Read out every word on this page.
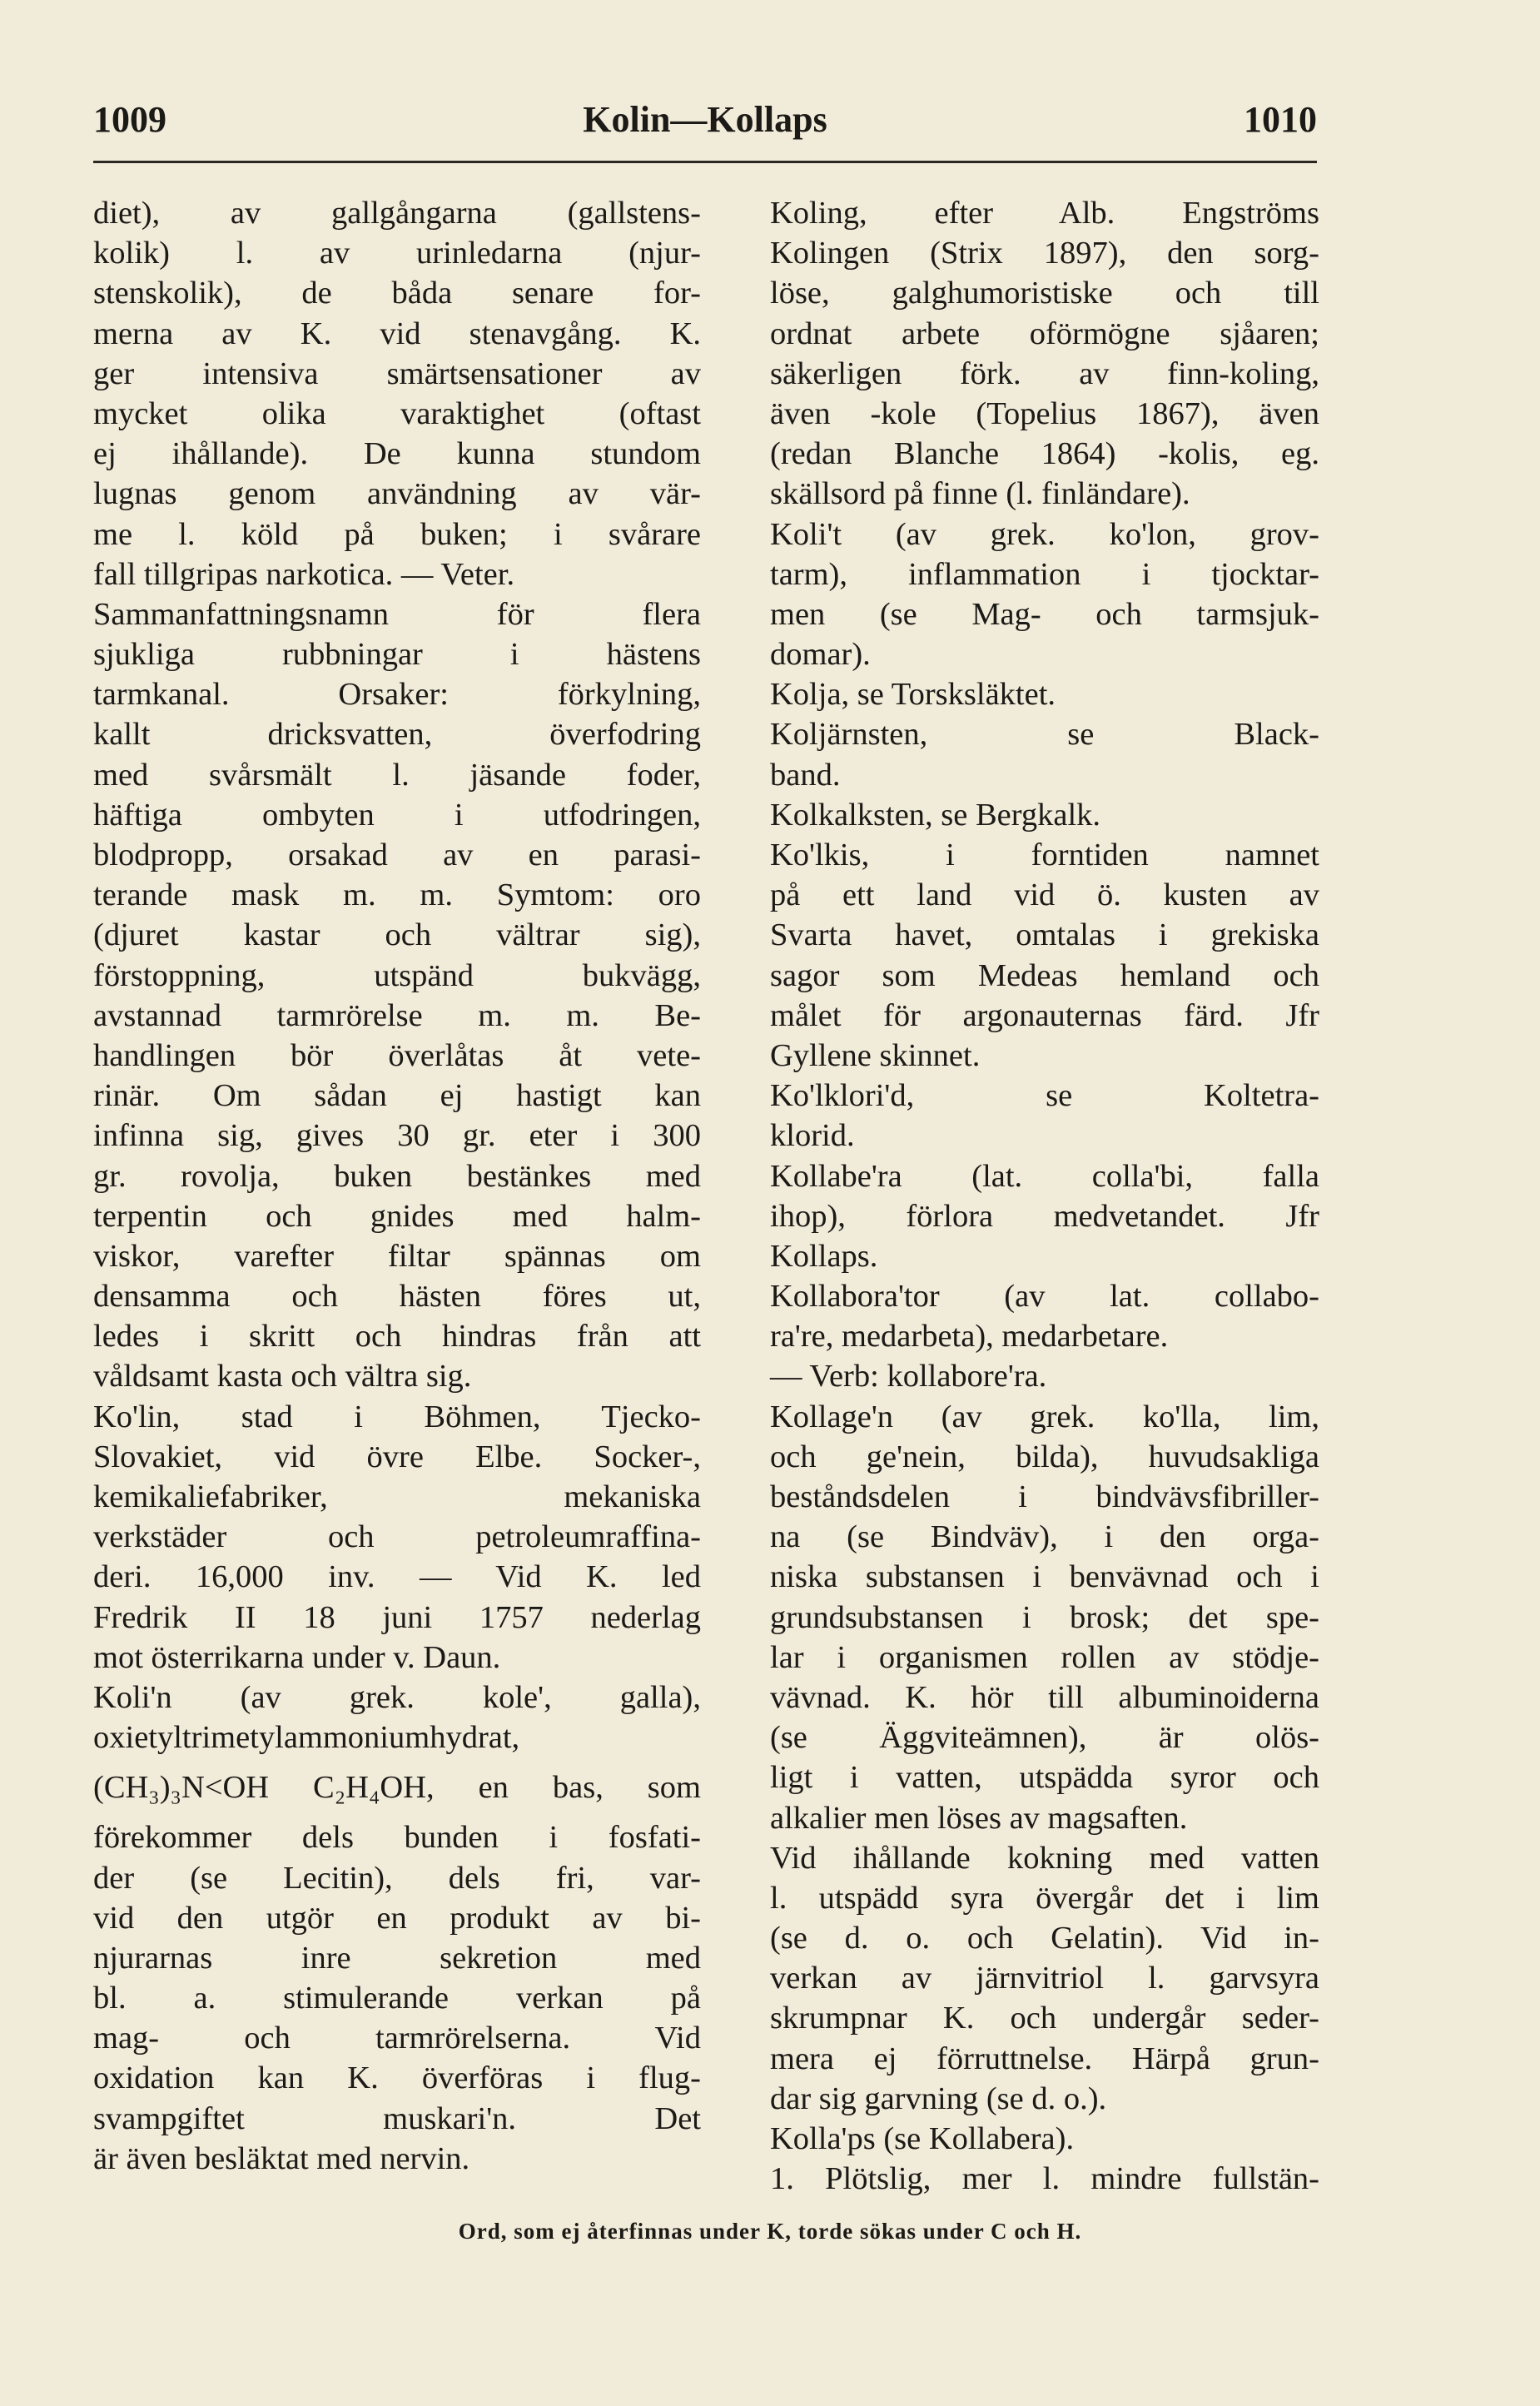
Kolin—Kollaps
1009	1010
diet), av gallgångarna (gallstens-
kolik) l. av urinledarna (njur-
stenskolik), de båda senare for-
merna av K. vid stenavgång. K.
ger intensiva smärtsensationer av
mycket olika varaktighet (oftast
ej ihållande). De kunna stundom
lugnas genom användning av vär-
me l. köld på buken; i svårare
fall tillgripas narkotica. — Veter.
Sammanfattningsnamn för flera
sjukliga rubbningar i hästens
tarmkanal. Orsaker: förkylning,
kallt dricksvatten, överfodring
med svårsmält l. jäsande foder,
häftiga ombyten i utfodringen,
blodpropp, orsakad av en parasi-
terande mask m. m. Symtom: oro
(djuret kastar och vältrar sig),
förstoppning, utspänd bukvägg,
avstannad tarmrörelse m. m. Be-
handlingen bör överlåtas åt vete-
rinär. Om sådan ej hastigt kan
infinna sig, gives 30 gr. eter i 300
gr. rovolja, buken bestänkes med
terpentin och gnides med halm-
viskor, varefter filtar spännas om
densamma och hästen föres ut,
ledes i skritt och hindras från att
våldsamt kasta och vältra sig.
Ko'lin, stad i Böhmen, Tjecko-
Slovakiet, vid övre Elbe. Socker-,
kemikaliefabriker, mekaniska
verkstäder och petroleumraffina-
deri. 16,000 inv. — Vid K. led
Fredrik II 18 juni 1757 nederlag
mot österrikarna under v. Daun.
Koli'n (av grek. kole', galla),
oxietyltrimetylammoniumhydrat,
(CH₃)₃N<OH C₂H₄OH, en bas, som
förekommer dels bunden i fosfati-
der (se Lecitin), dels fri, var-
vid den utgör en produkt av bi-
njurarnas inre sekretion med
bl. a. stimulerande verkan på
mag- och tarmrörelserna. Vid
oxidation kan K. överföras i flug-
svampgiftet muskari'n. Det
är även besläktat med nervin.
Koling, efter Alb. Engströms
Kolingen (Strix 1897), den sorg-
löse, galghumoristiske och till
ordnat arbete oförmögne sjåaren;
säkerligen förk. av finn-koling,
även -kole (Topelius 1867), även
(redan Blanche 1864) -kolis, eg.
skällsord på finne (l. finländare).
Koli't (av grek. ko'lon, grov-
tarm), inflammation i tjocktar-
men (se Mag- och tarmsjuk-
domar).
Kolja, se Torsksläktet.
Koljärnsten, se Black-
band.
Kolkalksten, se Bergkalk.
Ko'lkis, i forntiden namnet
på ett land vid ö. kusten av
Svarta havet, omtalas i grekiska
sagor som Medeas hemland och
målet för argonauternas färd. Jfr
Gyllene skinnet.
Ko'lklori'd, se Koltetra-
klorid.
Kollabe'ra (lat. colla'bi, falla
ihop), förlora medvetandet. Jfr
Kollaps.
Kollabora'tor (av lat. collabo-
ra're, medarbeta), medarbetare.
— Verb: kollabore'ra.
Kollage'n (av grek. ko'lla, lim,
och ge'nein, bilda), huvudsakliga
beståndsdelen i bindvävsfibriller-
na (se Bindväv), i den orga-
niska substansen i benvävnad och i
grundsubstansen i brosk; det spe-
lar i organismen rollen av stödje-
vävnad. K. hör till albuminoiderna
(se Äggviteämnen), är olös-
ligt i vatten, utspädda syror och
alkalier men löses av magsaften.
Vid ihållande kokning med vatten
l. utspädd syra övergår det i lim
(se d. o. och Gelatin). Vid in-
verkan av järnvitriol l. garvsyra
skrumpnar K. och undergår seder-
mera ej förruttnelse. Härpå grun-
dar sig garvning (se d. o.).
Kolla'ps (se Kollabera).
1. Plötslig, mer l. mindre fullstän-
Ord, som ej återfinnas under K, torde sökas under C och H.
